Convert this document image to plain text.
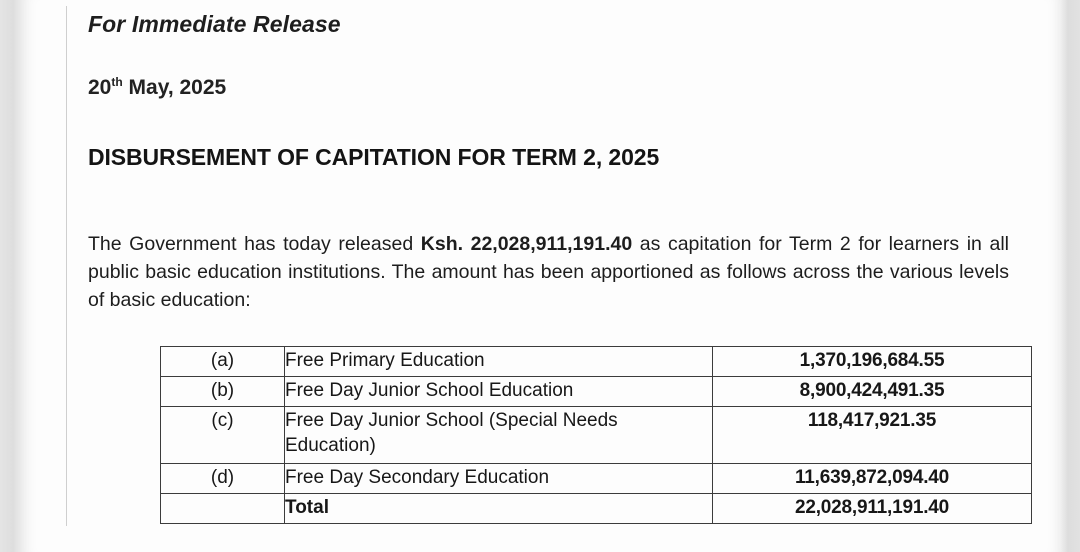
For Immediate Release
20th May, 2025
DISBURSEMENT OF CAPITATION FOR TERM 2, 2025

The Government has today released Ksh. 22,028,911,191.40 as capitation for Term 2 for learners in all public basic education institutions. The amount has been apportioned as follows across the various levels of basic education:

(a)	Free Primary Education	1,370,196,684.55
(b)	Free Day Junior School Education	8,900,424,491.35
(c)	Free Day Junior School (Special Needs
Education)	118,417,921.35
(d)	Free Day Secondary Education	11,639,872,094.40
	Total	22,028,911,191.40
